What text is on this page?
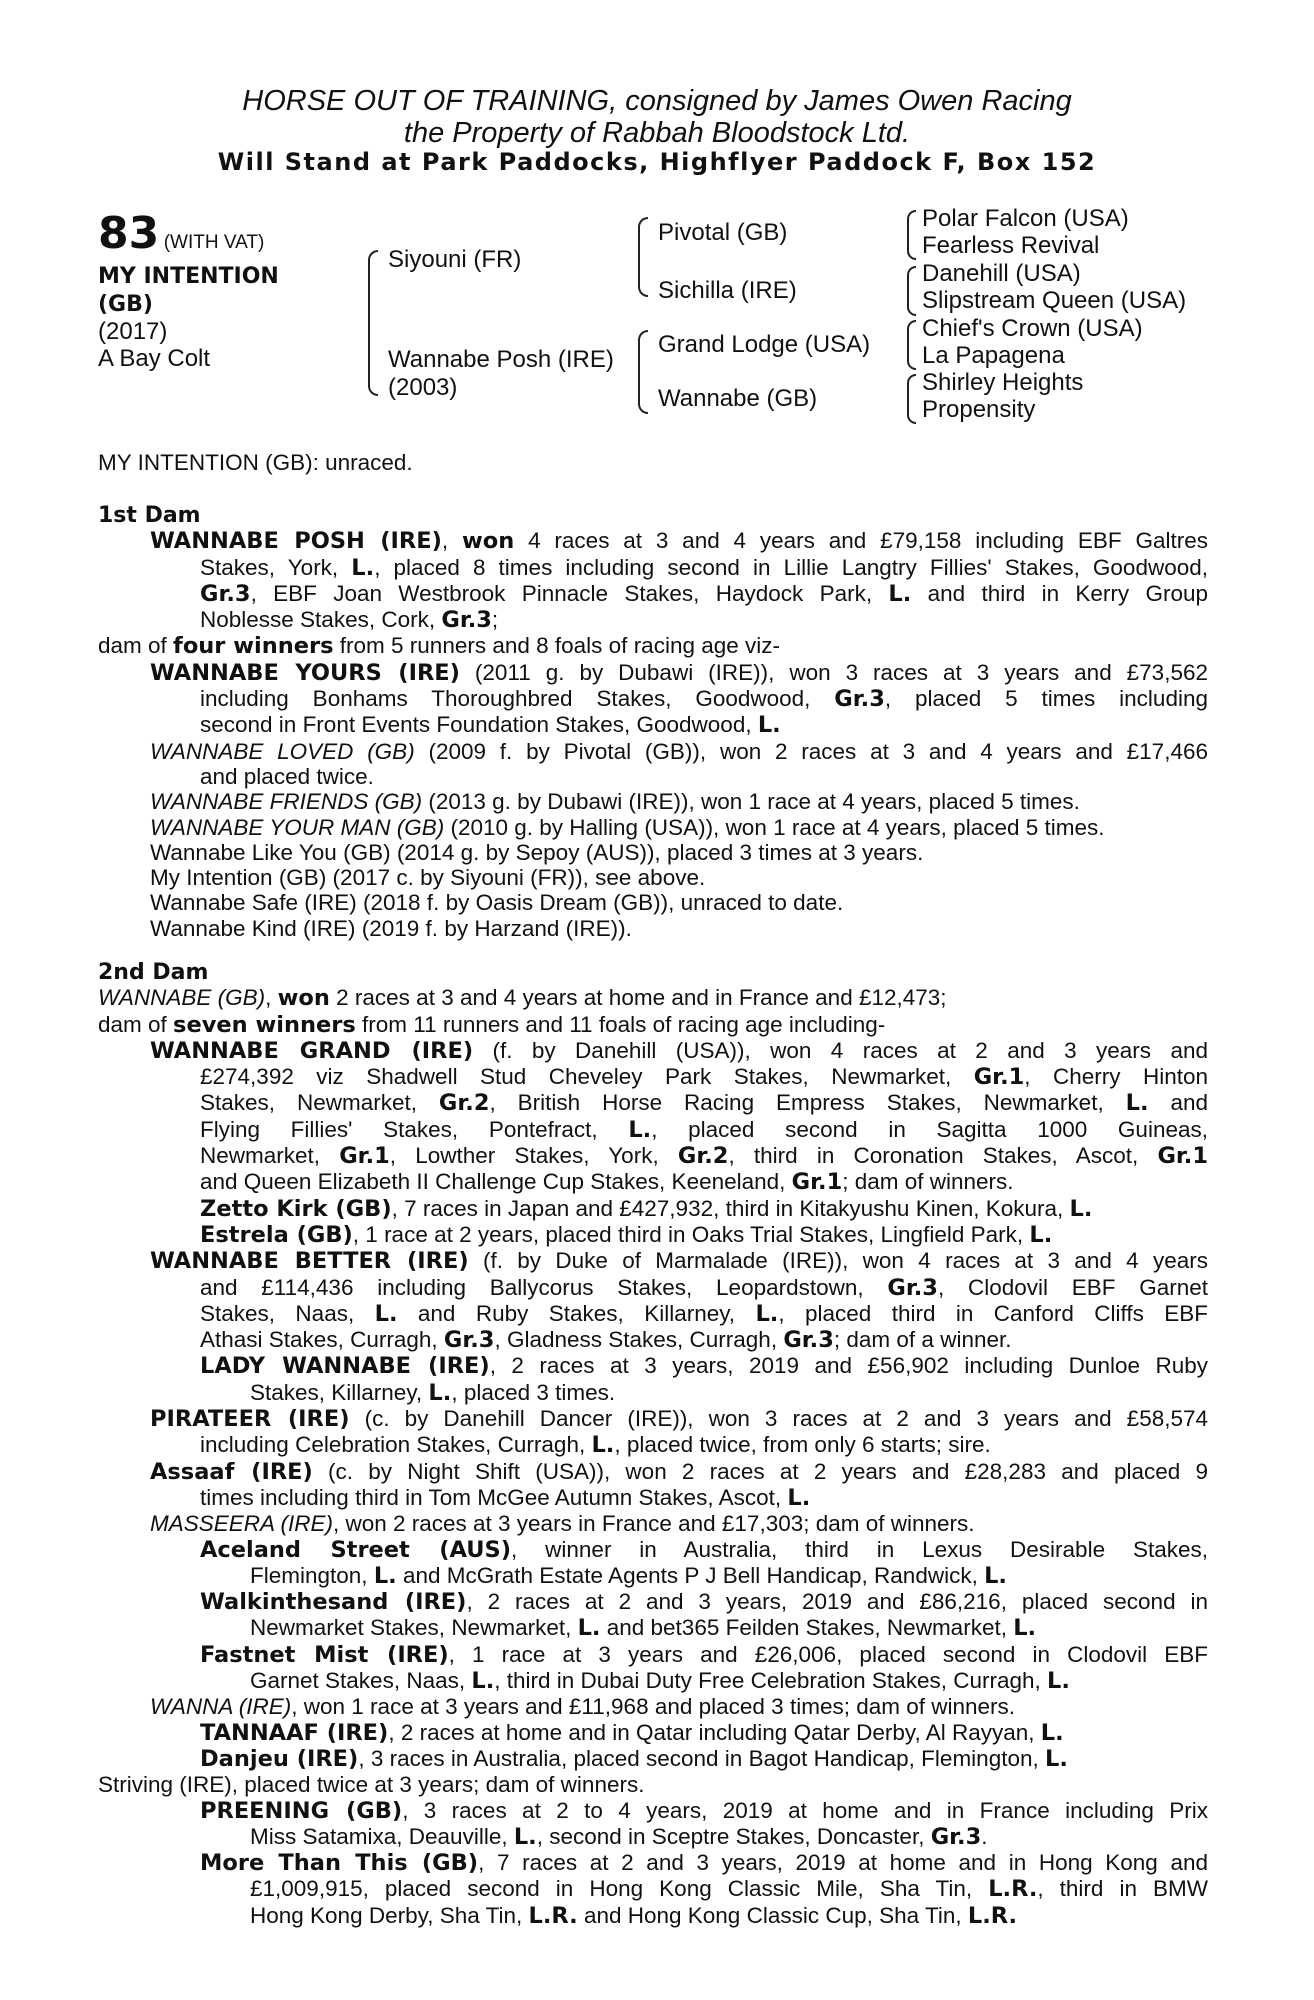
HORSE OUT OF TRAINING, consigned by James Owen Racing
the Property of Rabbah Bloodstock Ltd.
Will Stand at Park Paddocks, Highflyer Paddock F, Box 152
83 (WITH VAT)
MY INTENTION
(GB)
(2017)
A Bay Colt
Siyouni (FR)
Wannabe Posh (IRE)
(2003)
Pivotal (GB)
Sichilla (IRE)
Grand Lodge (USA)
Wannabe (GB)
Polar Falcon (USA)
Fearless Revival
Danehill (USA)
Slipstream Queen (USA)
Chief's Crown (USA)
La Papagena
Shirley Heights
Propensity
MY INTENTION (GB): unraced.
1st Dam
WANNABE POSH (IRE), won 4 races at 3 and 4 years and £79,158 including EBF Galtres
Stakes, York, L., placed 8 times including second in Lillie Langtry Fillies' Stakes, Goodwood,
Gr.3, EBF Joan Westbrook Pinnacle Stakes, Haydock Park, L. and third in Kerry Group
Noblesse Stakes, Cork, Gr.3;
dam of four winners from 5 runners and 8 foals of racing age viz-
WANNABE YOURS (IRE) (2011 g. by Dubawi (IRE)), won 3 races at 3 years and £73,562
including Bonhams Thoroughbred Stakes, Goodwood, Gr.3, placed 5 times including
second in Front Events Foundation Stakes, Goodwood, L.
WANNABE LOVED (GB) (2009 f. by Pivotal (GB)), won 2 races at 3 and 4 years and £17,466
and placed twice.
WANNABE FRIENDS (GB) (2013 g. by Dubawi (IRE)), won 1 race at 4 years, placed 5 times.
WANNABE YOUR MAN (GB) (2010 g. by Halling (USA)), won 1 race at 4 years, placed 5 times.
Wannabe Like You (GB) (2014 g. by Sepoy (AUS)), placed 3 times at 3 years.
My Intention (GB) (2017 c. by Siyouni (FR)), see above.
Wannabe Safe (IRE) (2018 f. by Oasis Dream (GB)), unraced to date.
Wannabe Kind (IRE) (2019 f. by Harzand (IRE)).
2nd Dam
WANNABE (GB), won 2 races at 3 and 4 years at home and in France and £12,473;
dam of seven winners from 11 runners and 11 foals of racing age including-
WANNABE GRAND (IRE) (f. by Danehill (USA)), won 4 races at 2 and 3 years and
£274,392 viz Shadwell Stud Cheveley Park Stakes, Newmarket, Gr.1, Cherry Hinton
Stakes, Newmarket, Gr.2, British Horse Racing Empress Stakes, Newmarket, L. and
Flying Fillies' Stakes, Pontefract, L., placed second in Sagitta 1000 Guineas,
Newmarket, Gr.1, Lowther Stakes, York, Gr.2, third in Coronation Stakes, Ascot, Gr.1
and Queen Elizabeth II Challenge Cup Stakes, Keeneland, Gr.1; dam of winners.
Zetto Kirk (GB), 7 races in Japan and £427,932, third in Kitakyushu Kinen, Kokura, L.
Estrela (GB), 1 race at 2 years, placed third in Oaks Trial Stakes, Lingfield Park, L.
WANNABE BETTER (IRE) (f. by Duke of Marmalade (IRE)), won 4 races at 3 and 4 years
and £114,436 including Ballycorus Stakes, Leopardstown, Gr.3, Clodovil EBF Garnet
Stakes, Naas, L. and Ruby Stakes, Killarney, L., placed third in Canford Cliffs EBF
Athasi Stakes, Curragh, Gr.3, Gladness Stakes, Curragh, Gr.3; dam of a winner.
LADY WANNABE (IRE), 2 races at 3 years, 2019 and £56,902 including Dunloe Ruby
Stakes, Killarney, L., placed 3 times.
PIRATEER (IRE) (c. by Danehill Dancer (IRE)), won 3 races at 2 and 3 years and £58,574
including Celebration Stakes, Curragh, L., placed twice, from only 6 starts; sire.
Assaaf (IRE) (c. by Night Shift (USA)), won 2 races at 2 years and £28,283 and placed 9
times including third in Tom McGee Autumn Stakes, Ascot, L.
MASSEERA (IRE), won 2 races at 3 years in France and £17,303; dam of winners.
Aceland Street (AUS), winner in Australia, third in Lexus Desirable Stakes,
Flemington, L. and McGrath Estate Agents P J Bell Handicap, Randwick, L.
Walkinthesand (IRE), 2 races at 2 and 3 years, 2019 and £86,216, placed second in
Newmarket Stakes, Newmarket, L. and bet365 Feilden Stakes, Newmarket, L.
Fastnet Mist (IRE), 1 race at 3 years and £26,006, placed second in Clodovil EBF
Garnet Stakes, Naas, L., third in Dubai Duty Free Celebration Stakes, Curragh, L.
WANNA (IRE), won 1 race at 3 years and £11,968 and placed 3 times; dam of winners.
TANNAAF (IRE), 2 races at home and in Qatar including Qatar Derby, Al Rayyan, L.
Danjeu (IRE), 3 races in Australia, placed second in Bagot Handicap, Flemington, L.
Striving (IRE), placed twice at 3 years; dam of winners.
PREENING (GB), 3 races at 2 to 4 years, 2019 at home and in France including Prix
Miss Satamixa, Deauville, L., second in Sceptre Stakes, Doncaster, Gr.3.
More Than This (GB), 7 races at 2 and 3 years, 2019 at home and in Hong Kong and
£1,009,915, placed second in Hong Kong Classic Mile, Sha Tin, L.R., third in BMW
Hong Kong Derby, Sha Tin, L.R. and Hong Kong Classic Cup, Sha Tin, L.R.
